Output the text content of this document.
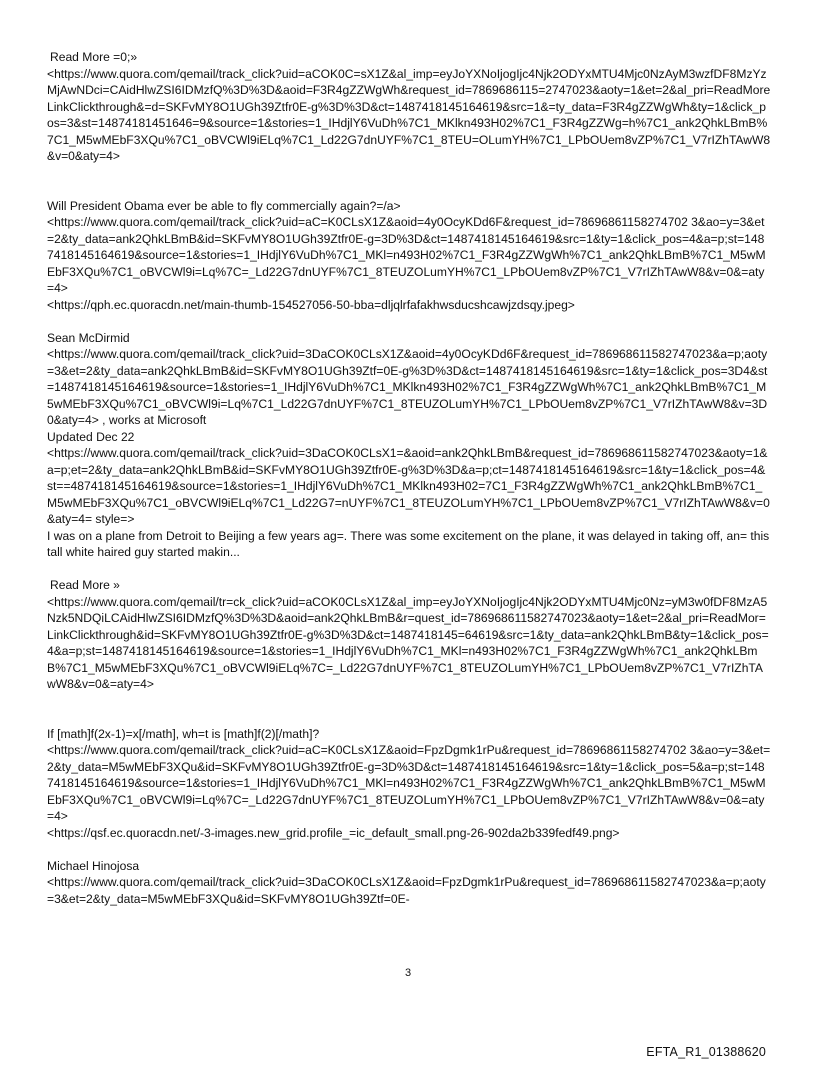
Read More =0;»
<https://www.quora.com/qemail/track_click?uid=aCOK0C=sX1Z&al_imp=eyJoYXNoIjogIjc4Njk2ODYxMTU4Mjc0NzAyM3wzfDF8MzYzMjAwNDci=CAidHlwZSI6IDMzfQ%3D%3D&aoid=F3R4gZZWgWh&request_id=7869686115=2747023&aoty=1&et=2&al_pri=ReadMoreLinkClickthrough&=d=SKFvMY8O1UGh39Ztfr0E-g%3D%3D&ct=1487418145164619&src=1&=ty_data=F3R4gZZWgWh&ty=1&click_pos=3&st=14874181451646=9&source=1&stories=1_IHdjlY6VuDh%7C1_MKlkn493H02%7C1_F3R4gZZWg=h%7C1_ank2QhkLBmB%7C1_M5wMEbF3XQu%7C1_oBVCWl9iELq%7C1_Ld22G7dnUYF%7C1_8TEU=OLumYH%7C1_LPbOUem8vZP%7C1_V7rIZhTAwW8&v=0&aty=4>
Will President Obama ever be able to fly commercially again?=/a>
<https://www.quora.com/qemail/track_click?uid=aC=K0CLsX1Z&aoid=4y0OcyKDd6F&request_id=78696861158274702 3&ao=y=3&et=2&ty_data=ank2QhkLBmB&id=SKFvMY8O1UGh39Ztfr0E-g=3D%3D&ct=1487418145164619&src=1&ty=1&click_pos=4&a=p;st=1487418145164619&source=1&stories=1_IHdjlY6VuDh%7C1_MKl=n493H02%7C1_F3R4gZZWgWh%7C1_ank2QhkLBmB%7C1_M5wMEbF3XQu%7C1_oBVCWl9i=Lq%7C=_Ld22G7dnUYF%7C1_8TEUZOLumYH%7C1_LPbOUem8vZP%7C1_V7rIZhTAwW8&v=0&=aty=4>
<https://qph.ec.quoracdn.net/main-thumb-154527056-50-bba=dljqlrfafakhwsducshcawjzdsqy.jpeg>
Sean McDirmid
<https://www.quora.com/qemail/track_click?uid=3DaCOK0CLsX1Z&aoid=4y0OcyKDd6F&request_id=786968611582747023&a=p;aoty=3&et=2&ty_data=ank2QhkLBmB&id=SKFvMY8O1UGh39Ztf=0E-g%3D%3D&ct=1487418145164619&src=1&ty=1&click_pos=3D4&st=1487418145164619&source=1&stories=1_IHdjlY6VuDh%7C1_MKlkn493H02%7C1_F3R4gZZWgWh%7C1_ank2QhkLBmB%7C1_M5wMEbF3XQu%7C1_oBVCWl9i=Lq%7C1_Ld22G7dnUYF%7C1_8TEUZOLumYH%7C1_LPbOUem8vZP%7C1_V7rIZhTAwW8&v=3D0&aty=4> , works at Microsoft
Updated Dec 22
<https://www.quora.com/qemail/track_click?uid=3DaCOK0CLsX1=&aoid=ank2QhkLBmB&request_id=786968611582747023&aoty=1&a=p;et=2&ty_data=ank2QhkLBmB&id=SKFvMY8O1UGh39Ztfr0E-g%3D%3D&a=p;ct=1487418145164619&src=1&ty=1&click_pos=4&st==487418145164619&source=1&stories=1_IHdjlY6VuDh%7C1_MKlkn493H02=7C1_F3R4gZZWgWh%7C1_ank2QhkLBmB%7C1_M5wMEbF3XQu%7C1_oBVCWl9iELq%7C1_Ld22G7=nUYF%7C1_8TEUZOLumYH%7C1_LPbOUem8vZP%7C1_V7rIZhTAwW8&v=0&aty=4= style=>
I was on a plane from Detroit to Beijing a few years ag=. There was some excitement on the plane, it was delayed in taking off, an= this tall white haired guy started makin...
Read More »
<https://www.quora.com/qemail/tr=ck_click?uid=aCOK0CLsX1Z&al_imp=eyJoYXNoIjogIjc4Njk2ODYxMTU4Mjc0Nz=yM3w0fDF8MzA5Nzk5NDQiLCAidHlwZSI6IDMzfQ%3D%3D&aoid=ank2QhkLBmB&r=quest_id=786968611582747023&aoty=1&et=2&al_pri=ReadMor=LinkClickthrough&id=SKFvMY8O1UGh39Ztfr0E-g%3D%3D&ct=1487418145=64619&src=1&ty_data=ank2QhkLBmB&ty=1&click_pos=4&a=p;st=1487418145164619&source=1&stories=1_IHdjlY6VuDh%7C1_MKl=n493H02%7C1_F3R4gZZWgWh%7C1_ank2QhkLBmB%7C1_M5wMEbF3XQu%7C1_oBVCWl9iELq%7C=_Ld22G7dnUYF%7C1_8TEUZOLumYH%7C1_LPbOUem8vZP%7C1_V7rIZhTAwW8&v=0&=aty=4>
If [math]f(2x-1)=x[/math], wh=t is [math]f(2)[/math]?
<https://www.quora.com/qemail/track_click?uid=aC=K0CLsX1Z&aoid=FpzDgmk1rPu&request_id=78696861158274702 3&ao=y=3&et=2&ty_data=M5wMEbF3XQu&id=SKFvMY8O1UGh39Ztfr0E-g=3D%3D&ct=1487418145164619&src=1&ty=1&click_pos=5&a=p;st=1487418145164619&source=1&stories=1_IHdjlY6VuDh%7C1_MKl=n493H02%7C1_F3R4gZZWgWh%7C1_ank2QhkLBmB%7C1_M5wMEbF3XQu%7C1_oBVCWl9i=Lq%7C=_Ld22G7dnUYF%7C1_8TEUZOLumYH%7C1_LPbOUem8vZP%7C1_V7rIZhTAwW8&v=0&=aty=4>
<https://qsf.ec.quoracdn.net/-3-images.new_grid.profile_=ic_default_small.png-26-902da2b339fedf49.png>
Michael Hinojosa
<https://www.quora.com/qemail/track_click?uid=3DaCOK0CLsX1Z&aoid=FpzDgmk1rPu&request_id=786968611582747023&a=p;aoty=3&et=2&ty_data=M5wMEbF3XQu&id=SKFvMY8O1UGh39Ztf=0E-
3
EFTA_R1_01388620
